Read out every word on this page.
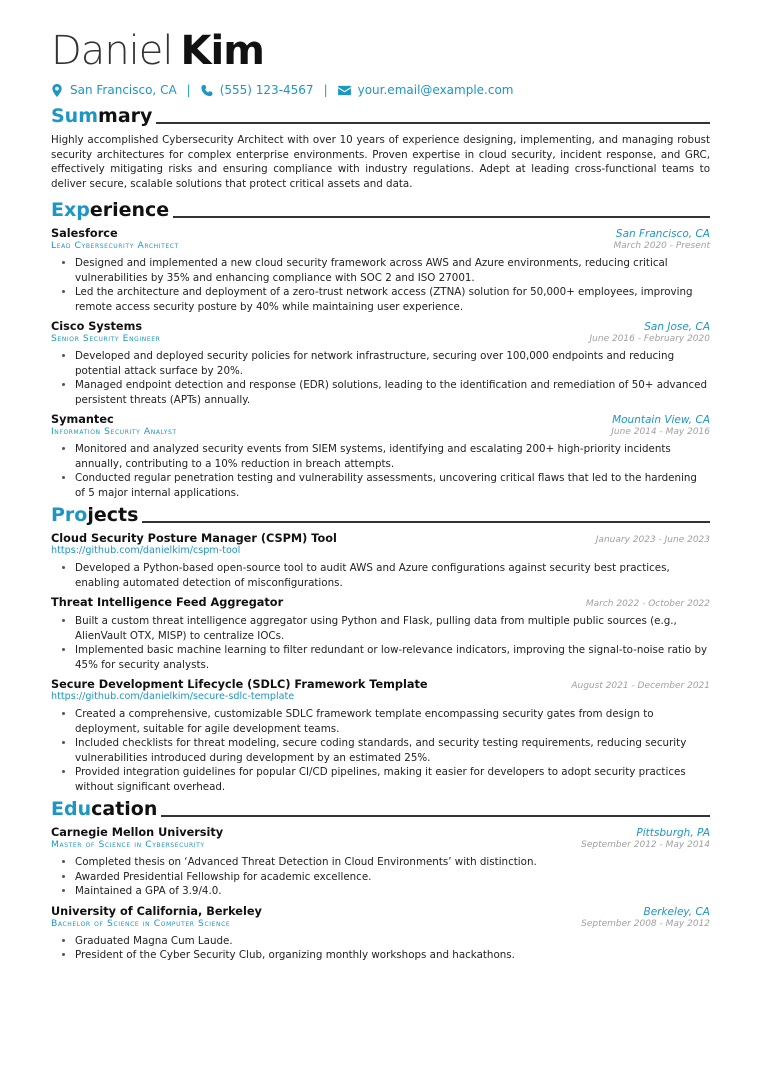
Daniel Kim
San Francisco, CA | (555) 123-4567 |	your.email@example.com
Summary
Highly accomplished Cybersecurity Architect with over 10 years of experience designing, implementing, and managing robust security architectures for complex enterprise environments. Proven expertise in cloud security, incident response, and GRC, effectively mitigating risks and ensuring compliance with industry regulations. Adept at leading cross-functional teams to deliver secure, scalable solutions that protect critical assets and data.
Experience
Salesforce	San Francisco, CA
Lead Cybersecurity Architect	March 2020 - Present
• Designed and implemented a new cloud security framework across AWS and Azure environments, reducing critical vulnerabilities by 35% and enhancing compliance with SOC 2 and ISO 27001.
• Led the architecture and deployment of a zero-trust network access (ZTNA) solution for 50,000+ employees, improving remote access security posture by 40% while maintaining user experience.
Cisco Systems	San Jose, CA
Senior Security Engineer	June 2016 - February 2020
• Developed and deployed security policies for network infrastructure, securing over 100,000 endpoints and reducing potential attack surface by 20%.
• Managed endpoint detection and response (EDR) solutions, leading to the identification and remediation of 50+ advanced persistent threats (APTs) annually.
Symantec	Mountain View, CA
Information Security Analyst	June 2014 - May 2016
• Monitored and analyzed security events from SIEM systems, identifying and escalating 200+ high-priority incidents annually, contributing to a 10% reduction in breach attempts.
• Conducted regular penetration testing and vulnerability assessments, uncovering critical flaws that led to the hardening of 5 major internal applications.
Projects
Cloud Security Posture Manager (CSPM) Tool	January 2023 - June 2023
https://github.com/danielkim/cspm-tool
• Developed a Python-based open-source tool to audit AWS and Azure configurations against security best practices, enabling automated detection of misconfigurations.
Threat Intelligence Feed Aggregator	March 2022 - October 2022
• Built a custom threat intelligence aggregator using Python and Flask, pulling data from multiple public sources (e.g., AlienVault OTX, MISP) to centralize IOCs.
• Implemented basic machine learning to filter redundant or low-relevance indicators, improving the signal-to-noise ratio by 45% for security analysts.
Secure Development Lifecycle (SDLC) Framework Template	August 2021 - December 2021
https://github.com/danielkim/secure-sdlc-template
• Created a comprehensive, customizable SDLC framework template encompassing security gates from design to deployment, suitable for agile development teams.
• Included checklists for threat modeling, secure coding standards, and security testing requirements, reducing security vulnerabilities introduced during development by an estimated 25%.
• Provided integration guidelines for popular CI/CD pipelines, making it easier for developers to adopt security practices without significant overhead.
Education
Carnegie Mellon University	Pittsburgh, PA
Master of Science in Cybersecurity	September 2012 - May 2014
• Completed thesis on ‘Advanced Threat Detection in Cloud Environments’ with distinction.
• Awarded Presidential Fellowship for academic excellence.
• Maintained a GPA of 3.9/4.0.
University of California, Berkeley	Berkeley, CA
Bachelor of Science in Computer Science	September 2008 - May 2012
• Graduated Magna Cum Laude.
• President of the Cyber Security Club, organizing monthly workshops and hackathons.
